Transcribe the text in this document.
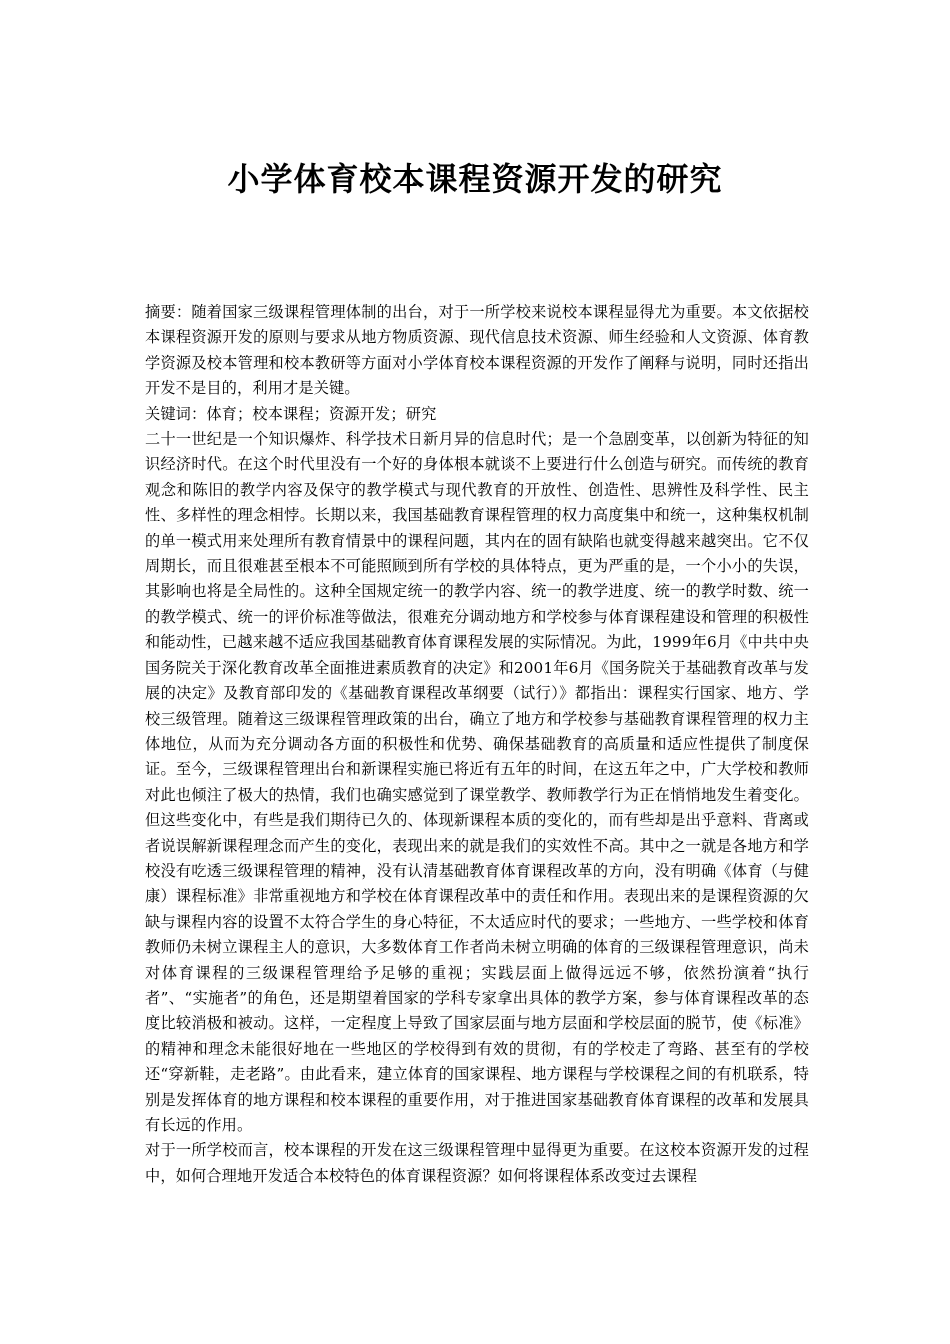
小学体育校本课程资源开发的研究

摘要：随着国家三级课程管理体制的出台，对于一所学校来说校本课程显得尤为重要。本文依据校本课程资源开发的原则与要求从地方物质资源、现代信息技术资源、师生经验和人文资源、体育教学资源及校本管理和校本教研等方面对小学体育校本课程资源的开发作了阐释与说明，同时还指出开发不是目的，利用才是关键。

关键词：体育；校本课程；资源开发；研究

二十一世纪是一个知识爆炸、科学技术日新月异的信息时代；是一个急剧变革，以创新为特征的知识经济时代。在这个时代里没有一个好的身体根本就谈不上要进行什么创造与研究。而传统的教育观念和陈旧的教学内容及保守的教学模式与现代教育的开放性、创造性、思辨性及科学性、民主性、多样性的理念相悖。长期以来，我国基础教育课程管理的权力高度集中和统一，这种集权机制的单一模式用来处理所有教育情景中的课程问题，其内在的固有缺陷也就变得越来越突出。它不仅周期长，而且很难甚至根本不可能照顾到所有学校的具体特点，更为严重的是，一个小小的失误，其影响也将是全局性的。这种全国规定统一的教学内容、统一的教学进度、统一的教学时数、统一的教学模式、统一的评价标准等做法，很难充分调动地方和学校参与体育课程建设和管理的积极性和能动性，已越来越不适应我国基础教育体育课程发展的实际情况。为此，1999年6月《中共中央国务院关于深化教育改革全面推进素质教育的决定》和2001年6月《国务院关于基础教育改革与发展的决定》及教育部印发的《基础教育课程改革纲要（试行）》都指出：课程实行国家、地方、学校三级管理。随着这三级课程管理政策的出台，确立了地方和学校参与基础教育课程管理的权力主体地位，从而为充分调动各方面的积极性和优势、确保基础教育的高质量和适应性提供了制度保证。至今，三级课程管理出台和新课程实施已将近有五年的时间，在这五年之中，广大学校和教师对此也倾注了极大的热情，我们也确实感觉到了课堂教学、教师教学行为正在悄悄地发生着变化。但这些变化中，有些是我们期待已久的、体现新课程本质的变化的，而有些却是出乎意料、背离或者说误解新课程理念而产生的变化，表现出来的就是我们的实效性不高。其中之一就是各地方和学校没有吃透三级课程管理的精神，没有认清基础教育体育课程改革的方向，没有明确《体育（与健康）课程标准》非常重视地方和学校在体育课程改革中的责任和作用。表现出来的是课程资源的欠缺与课程内容的设置不太符合学生的身心特征，不太适应时代的要求；一些地方、一些学校和体育教师仍未树立课程主人的意识，大多数体育工作者尚未树立明确的体育的三级课程管理意识，尚未对体育课程的三级课程管理给予足够的重视；实践层面上做得远远不够，依然扮演着“执行者”、“实施者”的角色，还是期望着国家的学科专家拿出具体的教学方案，参与体育课程改革的态度比较消极和被动。这样，一定程度上导致了国家层面与地方层面和学校层面的脱节，使《标准》的精神和理念未能很好地在一些地区的学校得到有效的贯彻，有的学校走了弯路、甚至有的学校还“穿新鞋，走老路”。由此看来，建立体育的国家课程、地方课程与学校课程之间的有机联系，特别是发挥体育的地方课程和校本课程的重要作用，对于推进国家基础教育体育课程的改革和发展具有长远的作用。

对于一所学校而言，校本课程的开发在这三级课程管理中显得更为重要。在这校本资源开发的过程中，如何合理地开发适合本校特色的体育课程资源？如何将课程体系改变过去课程
